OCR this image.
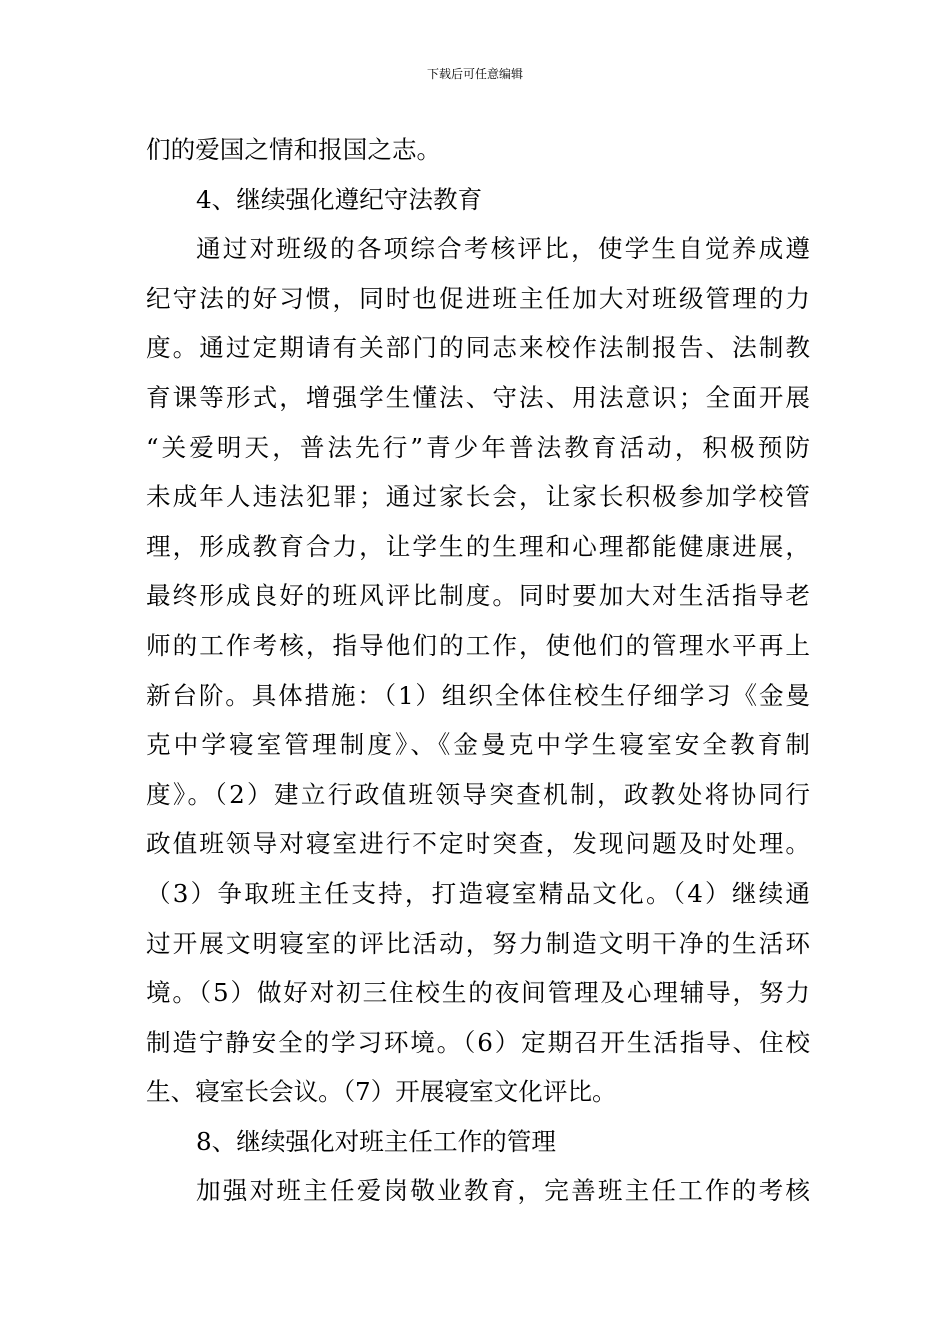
下载后可任意编辑
们的爱国之情和报国之志。
4、继续强化遵纪守法教育
通过对班级的各项综合考核评比，使学生自觉养成遵
纪守法的好习惯，同时也促进班主任加大对班级管理的力
度。通过定期请有关部门的同志来校作法制报告、法制教
育课等形式，增强学生懂法、守法、用法意识；全面开展
“关爱明天，普法先行”青少年普法教育活动，积极预防
未成年人违法犯罪；通过家长会，让家长积极参加学校管
理，形成教育合力，让学生的生理和心理都能健康进展，
最终形成良好的班风评比制度。同时要加大对生活指导老
师的工作考核，指导他们的工作，使他们的管理水平再上
新台阶。具体措施：（1）组织全体住校生仔细学习《金曼
克中学寝室管理制度》、《金曼克中学生寝室安全教育制
度》。（2）建立行政值班领导突查机制，政教处将协同行
政值班领导对寝室进行不定时突查，发现问题及时处理。
（3）争取班主任支持，打造寝室精品文化。（4）继续通
过开展文明寝室的评比活动，努力制造文明干净的生活环
境。（5）做好对初三住校生的夜间管理及心理辅导，努力
制造宁静安全的学习环境。（6）定期召开生活指导、住校
生、寝室长会议。（7）开展寝室文化评比。
8、继续强化对班主任工作的管理
加强对班主任爱岗敬业教育，完善班主任工作的考核
